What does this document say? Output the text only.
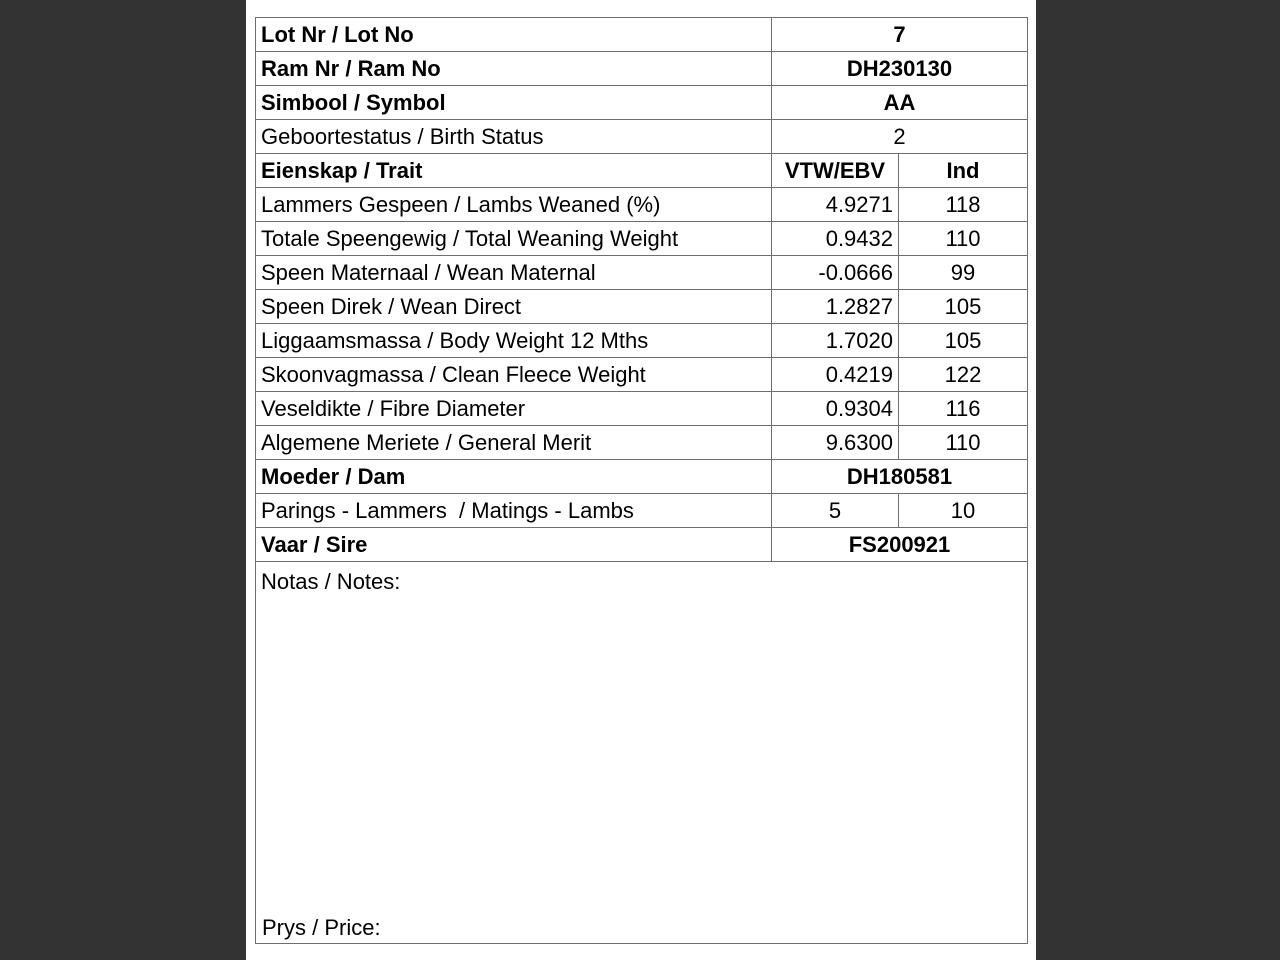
Lot Nr / Lot No	7	
Ram Nr / Ram No	DH230130	
Simbool / Symbol	AA	
Geboortestatus / Birth Status	2	
Eienskap / Trait	VTW/EBV	Ind
Lammers Gespeen / Lambs Weaned (%)	4.9271	118
Totale Speengewig / Total Weaning Weight	0.9432	110
Speen Maternaal / Wean Maternal	-0.0666	99
Speen Direk / Wean Direct	1.2827	105
Liggaamsmassa / Body Weight 12 Mths	1.7020	105
Skoonvagmassa / Clean Fleece Weight	0.4219	122
Veseldikte / Fibre Diameter	0.9304	116
Algemene Meriete / General Merit	9.6300	110
Moeder / Dam	DH180581	
Parings - Lammers  / Matings - Lambs	5	10
Vaar / Sire	FS200921	

Notas / Notes:
Prys / Price:		
